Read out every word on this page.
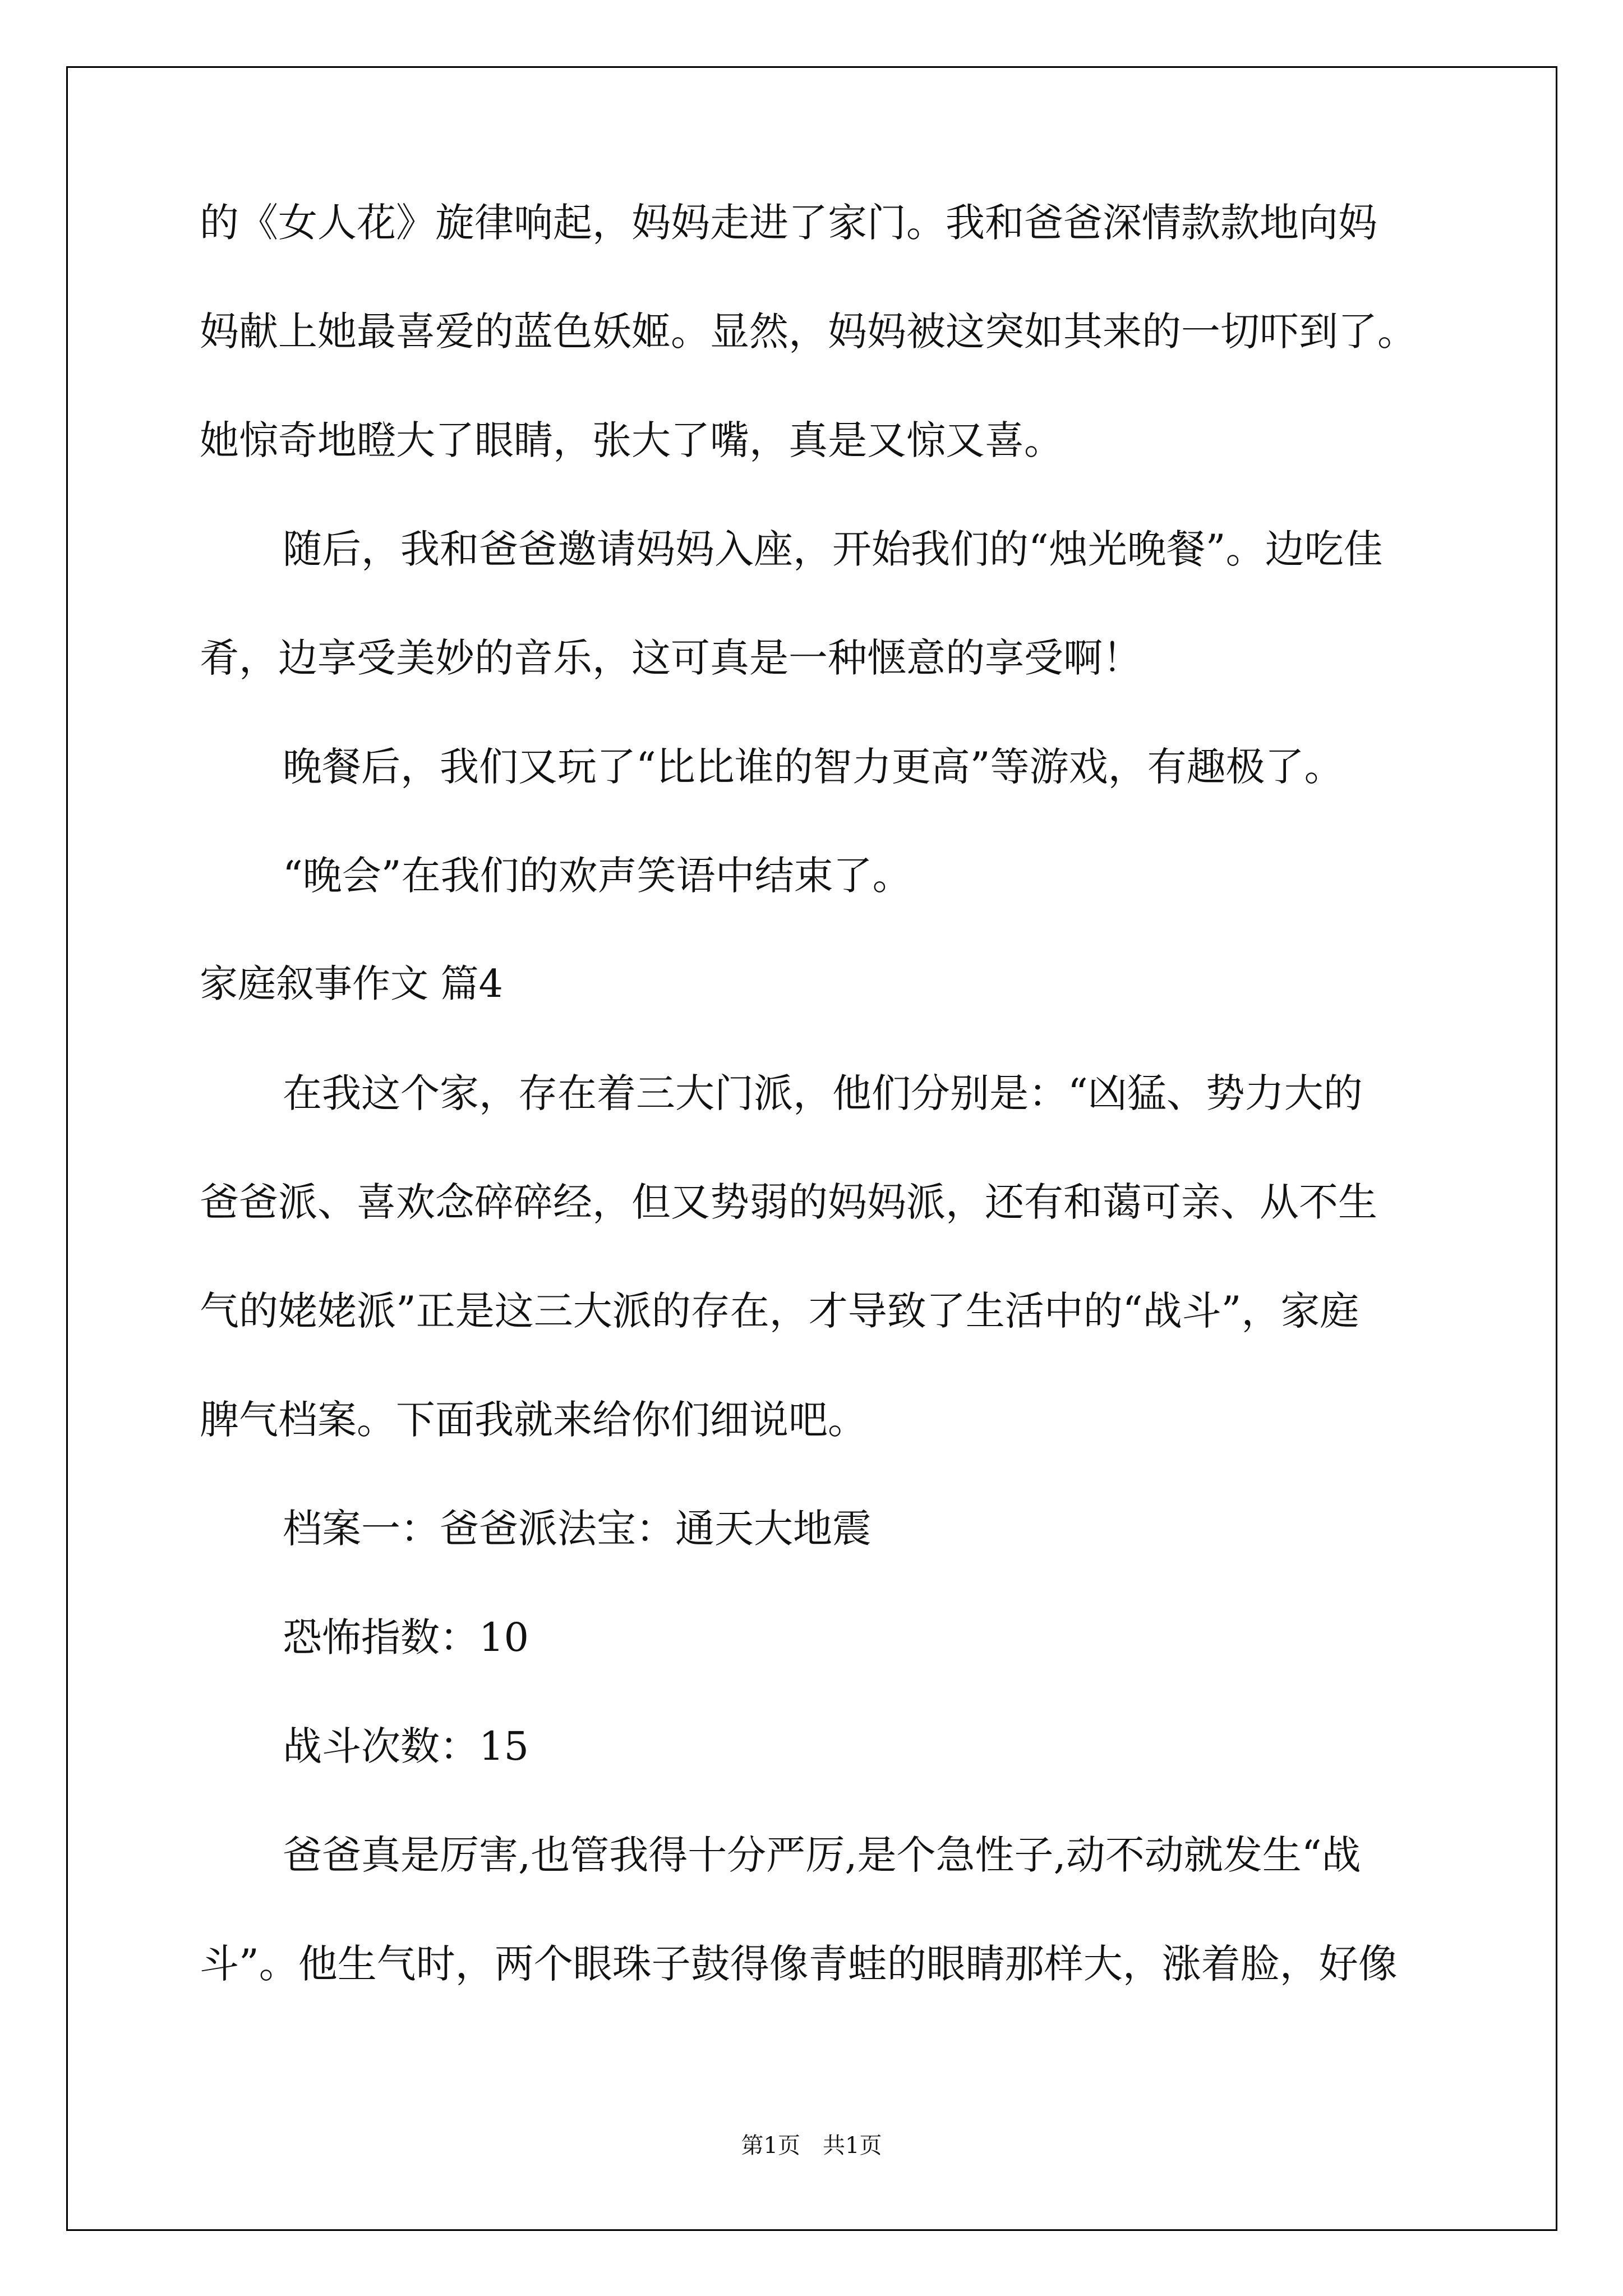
的《女人花》旋律响起，妈妈走进了家门。我和爸爸深情款款地向妈
妈献上她最喜爱的蓝色妖姬。显然，妈妈被这突如其来的一切吓到了。
她惊奇地瞪大了眼睛，张大了嘴，真是又惊又喜。
随后，我和爸爸邀请妈妈入座，开始我们的“烛光晚餐”。边吃佳
肴，边享受美妙的音乐，这可真是一种惬意的享受啊！
晚餐后，我们又玩了“比比谁的智力更高”等游戏，有趣极了。
“晚会”在我们的欢声笑语中结束了。
家庭叙事作文 篇4
在我这个家，存在着三大门派，他们分别是：“凶猛、势力大的
爸爸派、喜欢念碎碎经，但又势弱的妈妈派，还有和蔼可亲、从不生
气的姥姥派”正是这三大派的存在，才导致了生活中的“战斗”，家庭
脾气档案。下面我就来给你们细说吧。
档案一：爸爸派法宝：通天大地震
恐怖指数：10
战斗次数：15
爸爸真是厉害,也管我得十分严厉,是个急性子,动不动就发生“战
斗”。他生气时，两个眼珠子鼓得像青蛙的眼睛那样大，涨着脸，好像
第1页　共1页
